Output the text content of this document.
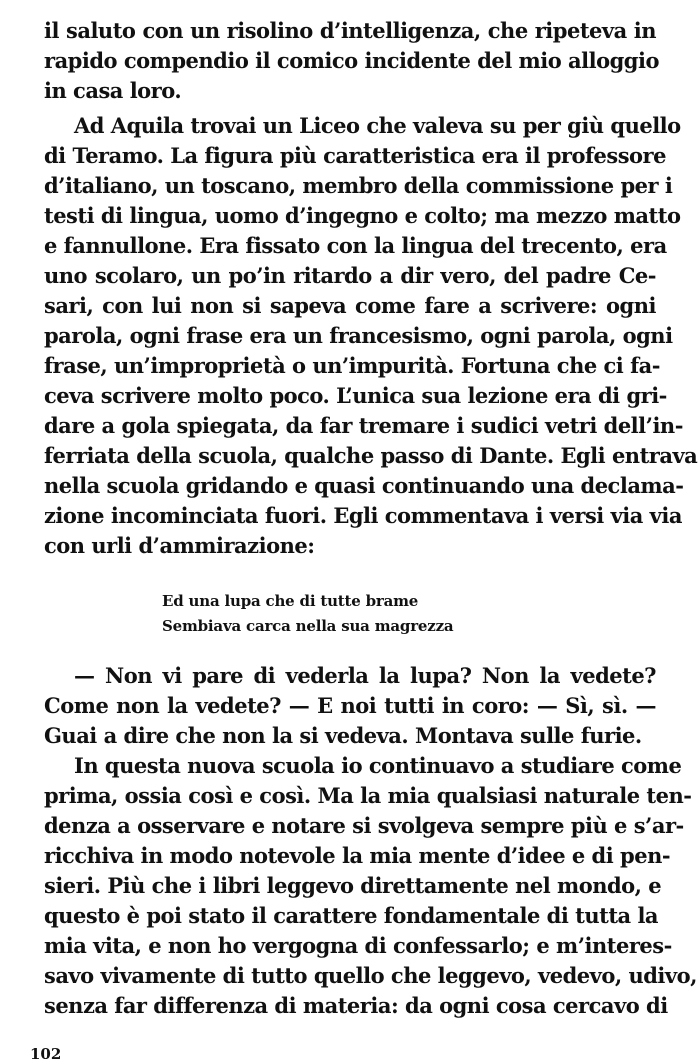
il saluto con un risolino d’intelligenza, che ripeteva in
rapido compendio il comico incidente del mio alloggio
in casa loro.
Ad Aquila trovai un Liceo che valeva su per giù quello
di Teramo. La figura più caratteristica era il professore
d’italiano, un toscano, membro della commissione per i
testi di lingua, uomo d’ingegno e colto; ma mezzo matto
e fannullone. Era fissato con la lingua del trecento, era
uno scolaro, un po’in ritardo a dir vero, del padre Ce-
sari, con lui non si sapeva come fare a scrivere: ogni
parola, ogni frase era un francesismo, ogni parola, ogni
frase, un’improprietà o un’impurità. Fortuna che ci fa-
ceva scrivere molto poco. L’unica sua lezione era di gri-
dare a gola spiegata, da far tremare i sudici vetri dell’in-
ferriata della scuola, qualche passo di Dante. Egli entrava
nella scuola gridando e quasi continuando una declama-
zione incominciata fuori. Egli commentava i versi via via
con urli d’ammirazione:
Ed una lupa che di tutte brame
Sembiava carca nella sua magrezza
— Non vi pare di vederla la lupa? Non la vedete?
Come non la vedete? — E noi tutti in coro: — Sì, sì. —
Guai a dire che non la si vedeva. Montava sulle furie.
In questa nuova scuola io continuavo a studiare come
prima, ossia così e così. Ma la mia qualsiasi naturale ten-
denza a osservare e notare si svolgeva sempre più e s’ar-
ricchiva in modo notevole la mia mente d’idee e di pen-
sieri. Più che i libri leggevo direttamente nel mondo, e
questo è poi stato il carattere fondamentale di tutta la
mia vita, e non ho vergogna di confessarlo; e m’interes-
savo vivamente di tutto quello che leggevo, vedevo, udivo,
senza far differenza di materia: da ogni cosa cercavo di
102
